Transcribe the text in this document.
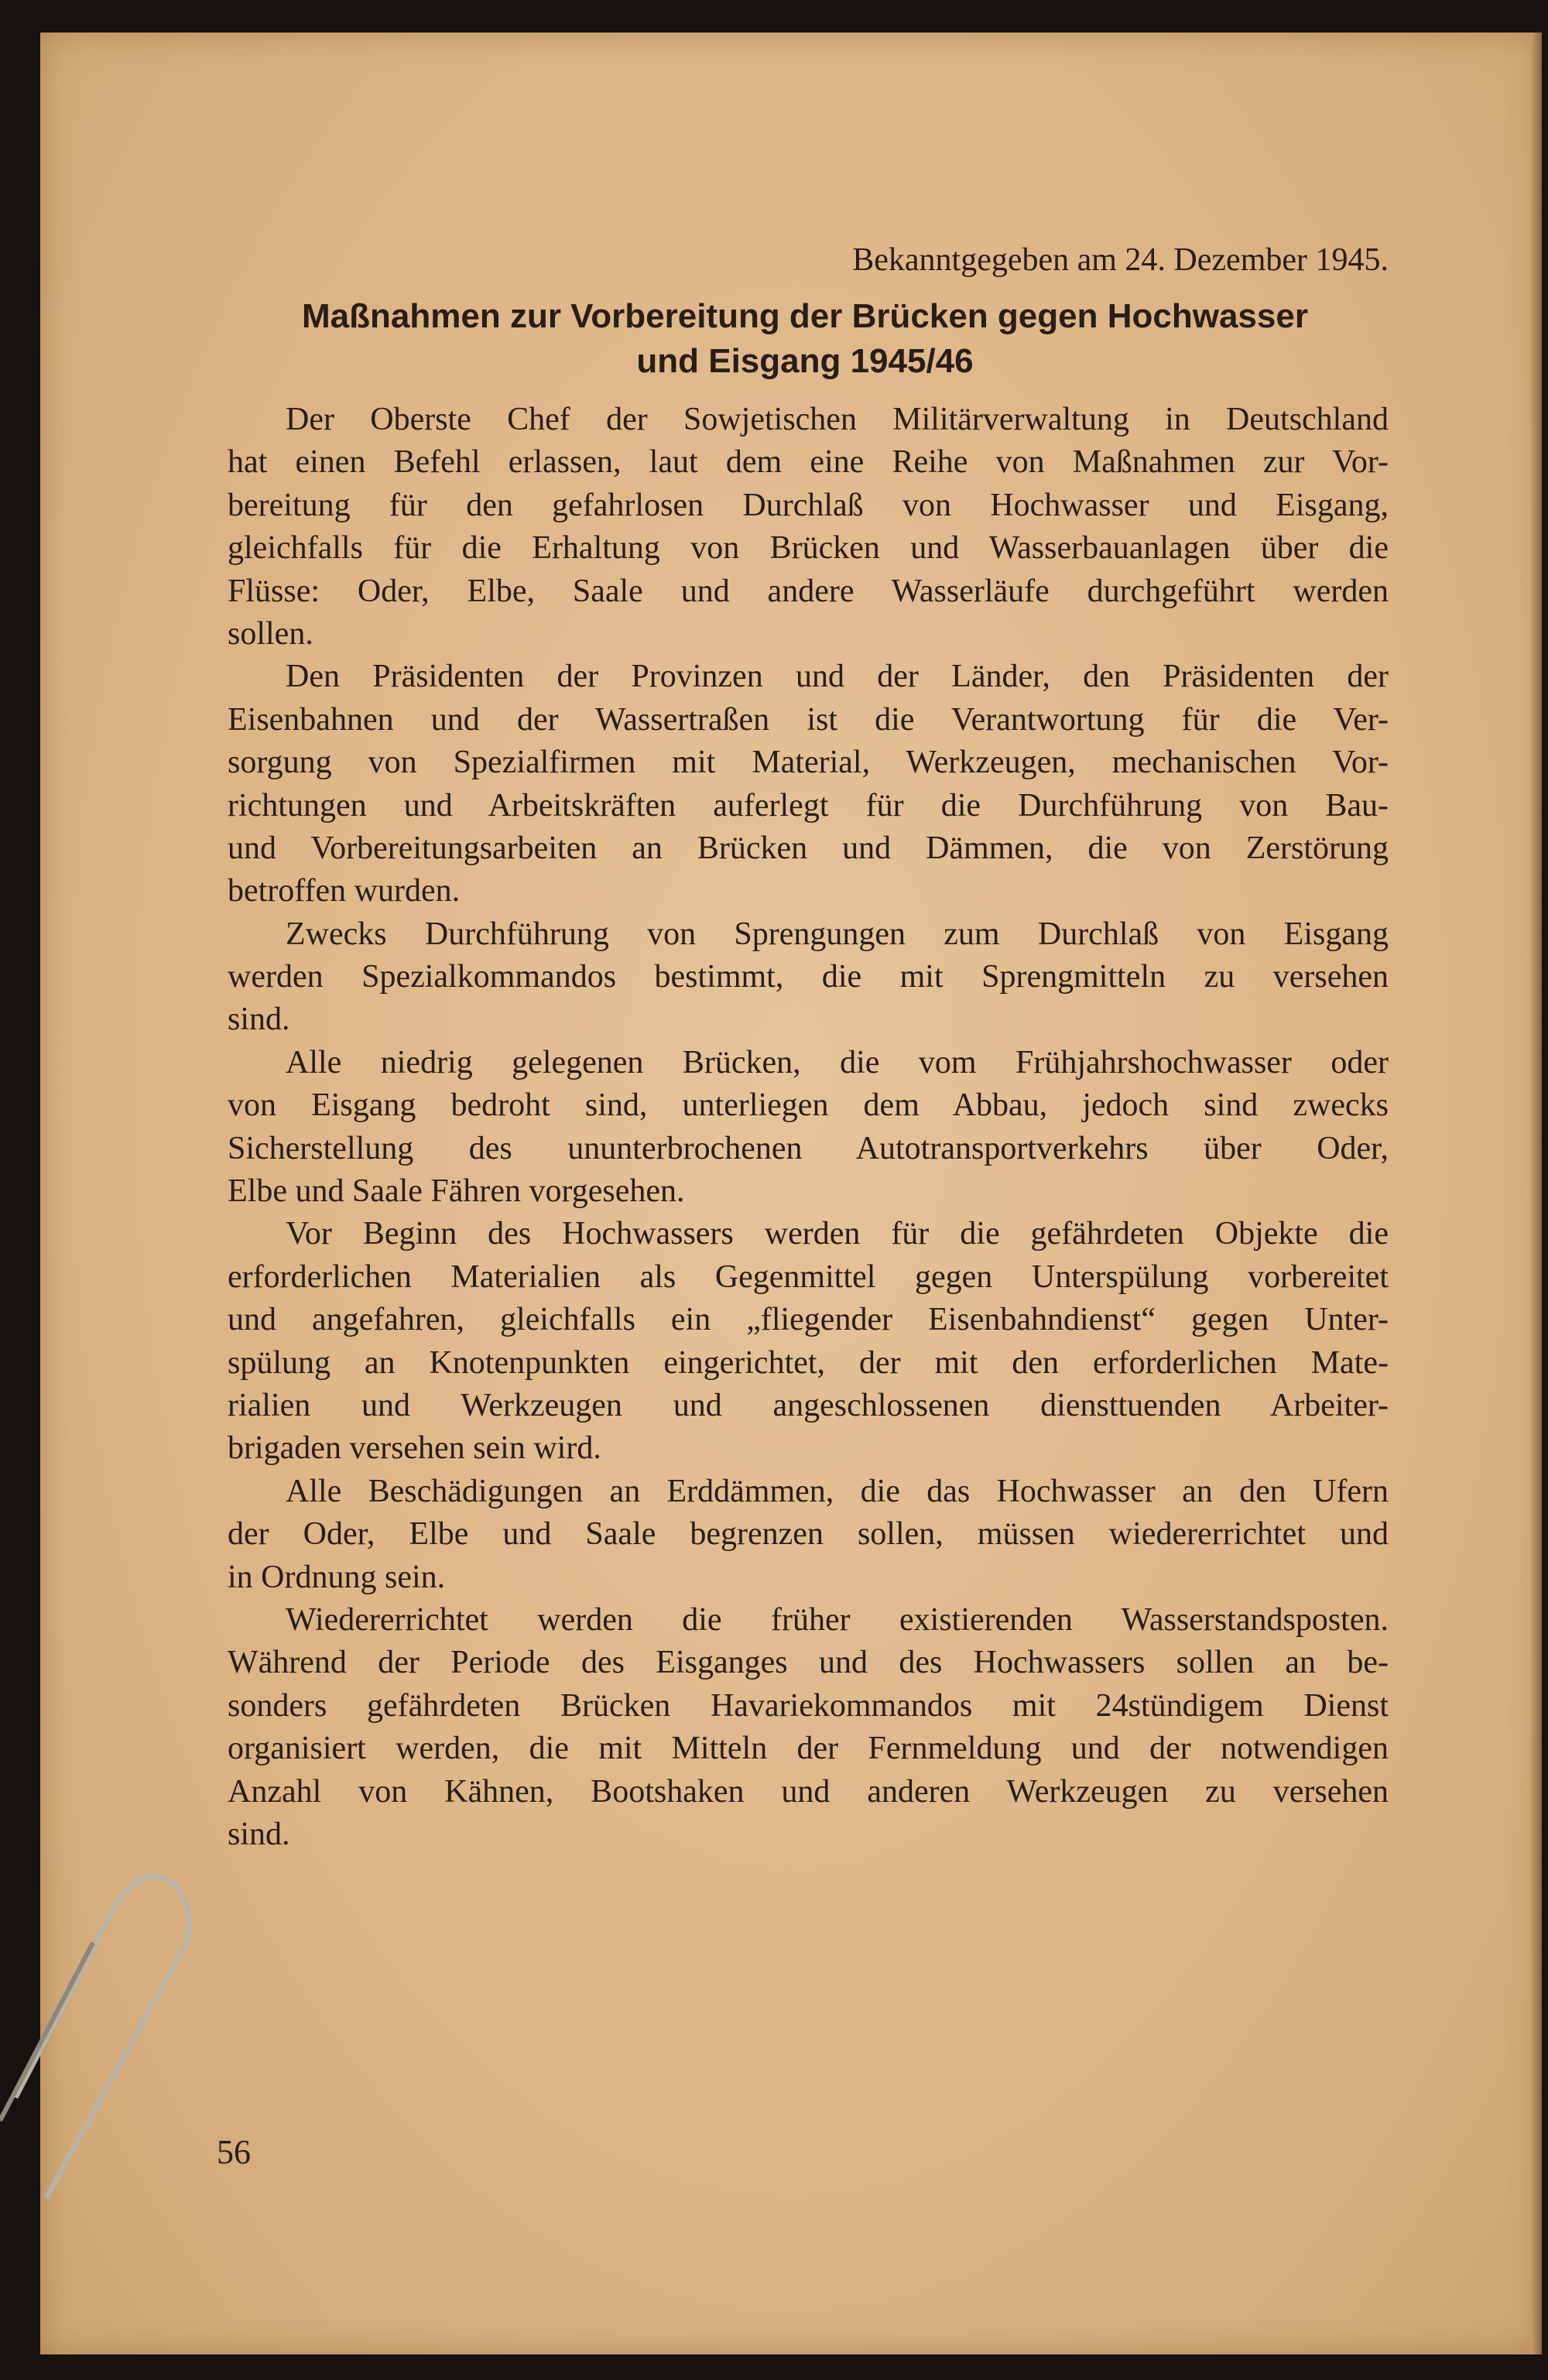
Bekanntgegeben am 24. Dezember 1945.
Maßnahmen zur Vorbereitung der Brücken gegen Hochwasser
und Eisgang 1945/46
Der Oberste Chef der Sowjetischen Militärverwaltung in Deutschland
hat einen Befehl erlassen, laut dem eine Reihe von Maßnahmen zur Vor-
bereitung für den gefahrlosen Durchlaß von Hochwasser und Eisgang,
gleichfalls für die Erhaltung von Brücken und Wasserbauanlagen über die
Flüsse: Oder, Elbe, Saale und andere Wasserläufe durchgeführt werden
sollen.
Den Präsidenten der Provinzen und der Länder, den Präsidenten der
Eisenbahnen und der Wassertraßen ist die Verantwortung für die Ver-
sorgung von Spezialfirmen mit Material, Werkzeugen, mechanischen Vor-
richtungen und Arbeitskräften auferlegt für die Durchführung von Bau-
und Vorbereitungsarbeiten an Brücken und Dämmen, die von Zerstörung
betroffen wurden.
Zwecks Durchführung von Sprengungen zum Durchlaß von Eisgang
werden Spezialkommandos bestimmt, die mit Sprengmitteln zu versehen
sind.
Alle niedrig gelegenen Brücken, die vom Frühjahrshochwasser oder
von Eisgang bedroht sind, unterliegen dem Abbau, jedoch sind zwecks
Sicherstellung des ununterbrochenen Autotransportverkehrs über Oder,
Elbe und Saale Fähren vorgesehen.
Vor Beginn des Hochwassers werden für die gefährdeten Objekte die
erforderlichen Materialien als Gegenmittel gegen Unterspülung vorbereitet
und angefahren, gleichfalls ein „fliegender Eisenbahndienst“ gegen Unter-
spülung an Knotenpunkten eingerichtet, der mit den erforderlichen Mate-
rialien und Werkzeugen und angeschlossenen diensttuenden Arbeiter-
brigaden versehen sein wird.
Alle Beschädigungen an Erddämmen, die das Hochwasser an den Ufern
der Oder, Elbe und Saale begrenzen sollen, müssen wiedererrichtet und
in Ordnung sein.
Wiedererrichtet werden die früher existierenden Wasserstandsposten.
Während der Periode des Eisganges und des Hochwassers sollen an be-
sonders gefährdeten Brücken Havariekommandos mit 24stündigem Dienst
organisiert werden, die mit Mitteln der Fernmeldung und der notwendigen
Anzahl von Kähnen, Bootshaken und anderen Werkzeugen zu versehen
sind.
56
